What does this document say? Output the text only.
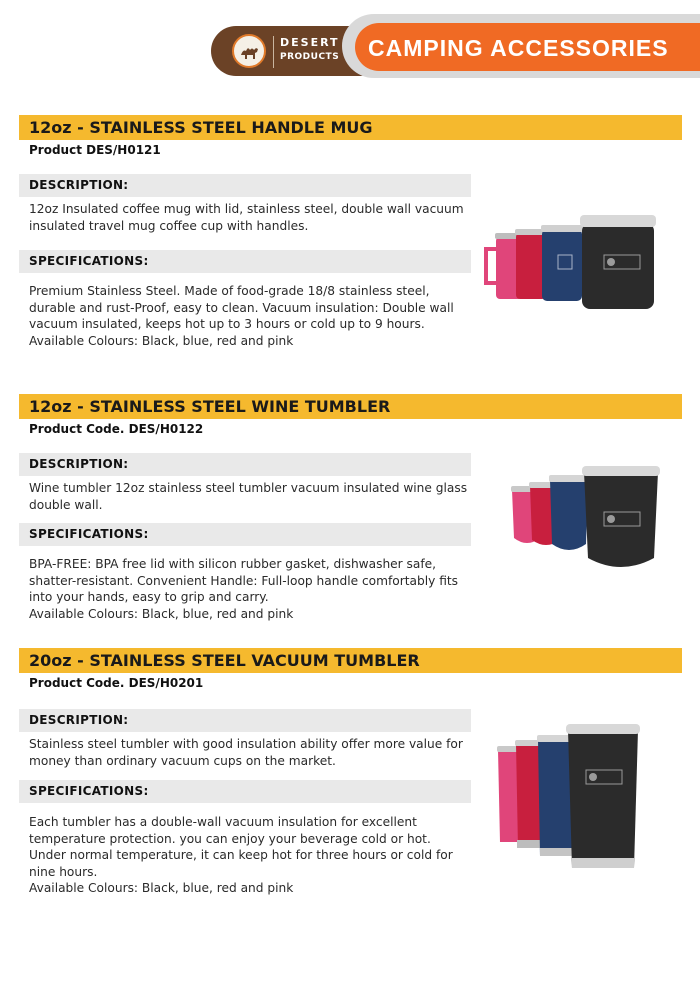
DESERT
PRODUCTS	CAMPING ACCESSORIES
12oz - STAINLESS STEEL HANDLE MUG
Product DES/H0121
DESCRIPTION:

12oz Insulated coffee mug with lid, stainless steel, double wall vacuum insulated travel mug coffee cup with handles.

SPECIFICATIONS:

Premium Stainless Steel. Made of food-grade 18/8 stainless steel, durable and rust-Proof, easy to clean. Vacuum insulation: Double wall vacuum insulated, keeps hot up to 3 hours or cold up to 9 hours.
Available Colours: Black, blue, red and pink

12oz - STAINLESS STEEL WINE TUMBLER
Product Code. DES/H0122
DESCRIPTION:

Wine tumbler 12oz stainless steel tumbler vacuum insulated wine glass double wall.

SPECIFICATIONS:

BPA-FREE: BPA free lid with silicon rubber gasket, dishwasher safe, shatter-resistant. Convenient Handle: Full-loop handle comfortably fits into your hands, easy to grip and carry.
Available Colours: Black, blue, red and pink

20oz - STAINLESS STEEL VACUUM TUMBLER
Product Code. DES/H0201
DESCRIPTION:

Stainless steel tumbler with good insulation ability offer more value for money than ordinary vacuum cups on the market.

SPECIFICATIONS:

Each tumbler has a double-wall vacuum insulation for excellent temperature protection. you can enjoy your beverage cold or hot. Under normal temperature, it can keep hot for three hours or cold for nine hours.
Available Colours: Black, blue, red and pink
